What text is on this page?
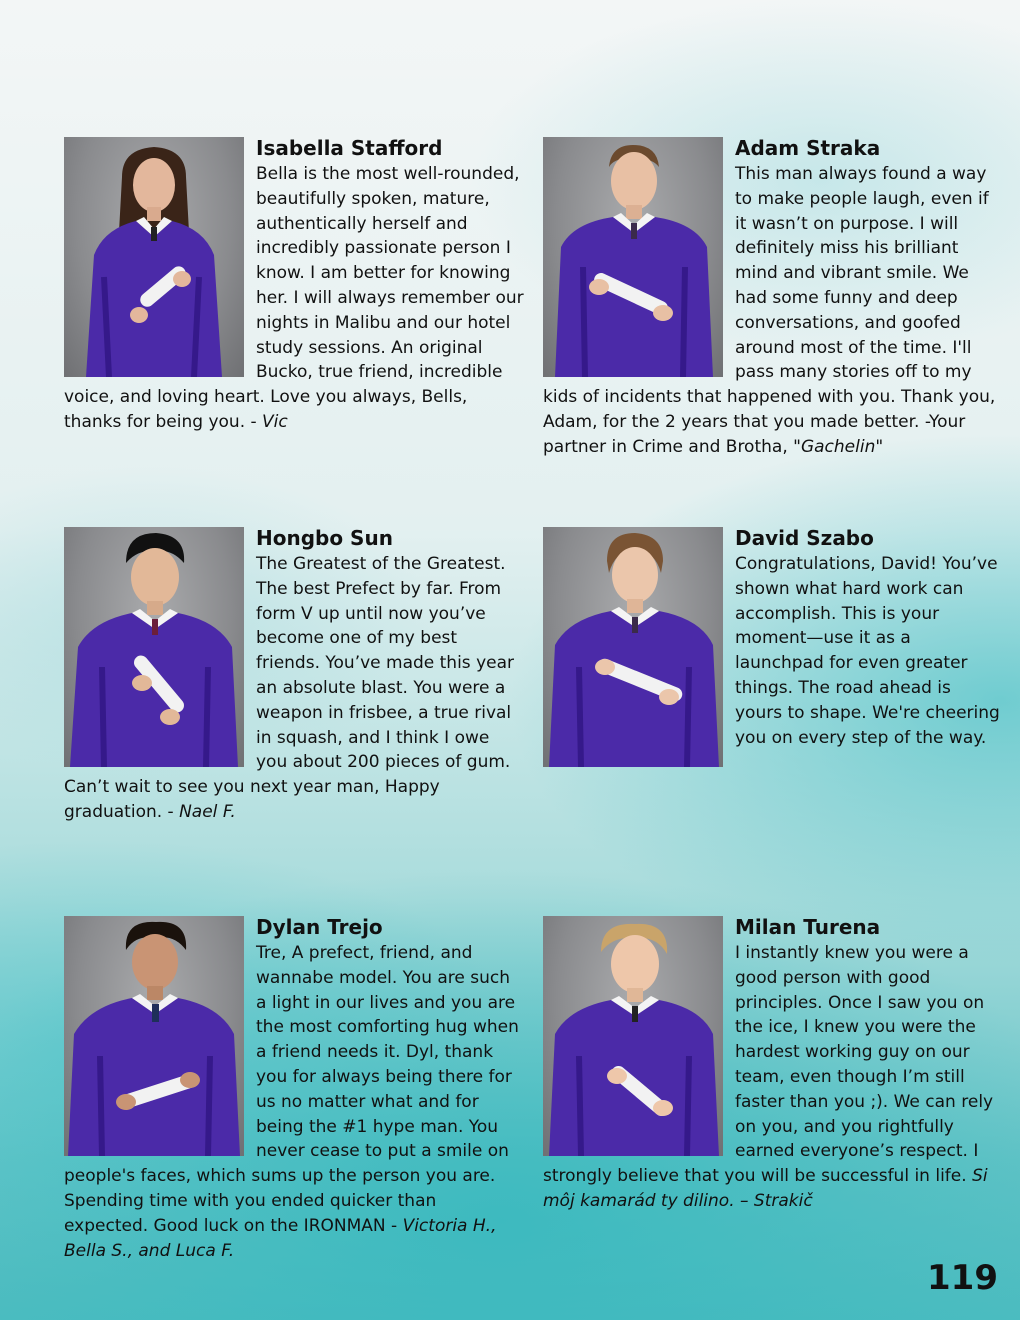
Isabella Stafford
Bella is the most well-rounded, beautifully spoken, mature, authentically herself and incredibly passionate person I know. I am better for knowing her. I will always remember our nights in Malibu and our hotel study sessions. An original Bucko, true friend, incredible voice, and loving heart. Love you always, Bells, thanks for being you. - Vic
Adam Straka
This man always found a way to make people laugh, even if it wasn’t on purpose. I will definitely miss his brilliant mind and vibrant smile. We had some funny and deep conversations, and goofed around most of the time. I'll pass many stories off to my kids of incidents that happened with you. Thank you, Adam, for the 2 years that you made better. -Your partner in Crime and Brotha, "Gachelin"
Hongbo Sun
The Greatest of the Greatest. The best Prefect by far. From form V up until now you’ve become one of my best friends. You’ve made this year an absolute blast. You were a weapon in frisbee, a true rival in squash, and I think I owe you about 200 pieces of gum. Can’t wait to see you next year man, Happy graduation. - Nael F.
David Szabo
Congratulations, David! You’ve shown what hard work can accomplish. This is your moment—use it as a launchpad for even greater things. The road ahead is yours to shape. We're cheering you on every step of the way.
Dylan Trejo
Tre, A prefect, friend, and wannabe model. You are such a light in our lives and you are the most comforting hug when a friend needs it. Dyl, thank you for always being there for us no matter what and for being the #1 hype man. You never cease to put a smile on people's faces, which sums up the person you are. Spending time with you ended quicker than expected. Good luck on the IRONMAN - Victoria H., Bella S., and Luca F.
Milan Turena
I instantly knew you were a good person with good principles. Once I saw you on the ice, I knew you were the hardest working guy on our team, even though I’m still faster than you ;). We can rely on you, and you rightfully earned everyone’s respect. I strongly believe that you will be successful in life. Si môj kamarád ty dilino. – Strakič
119
